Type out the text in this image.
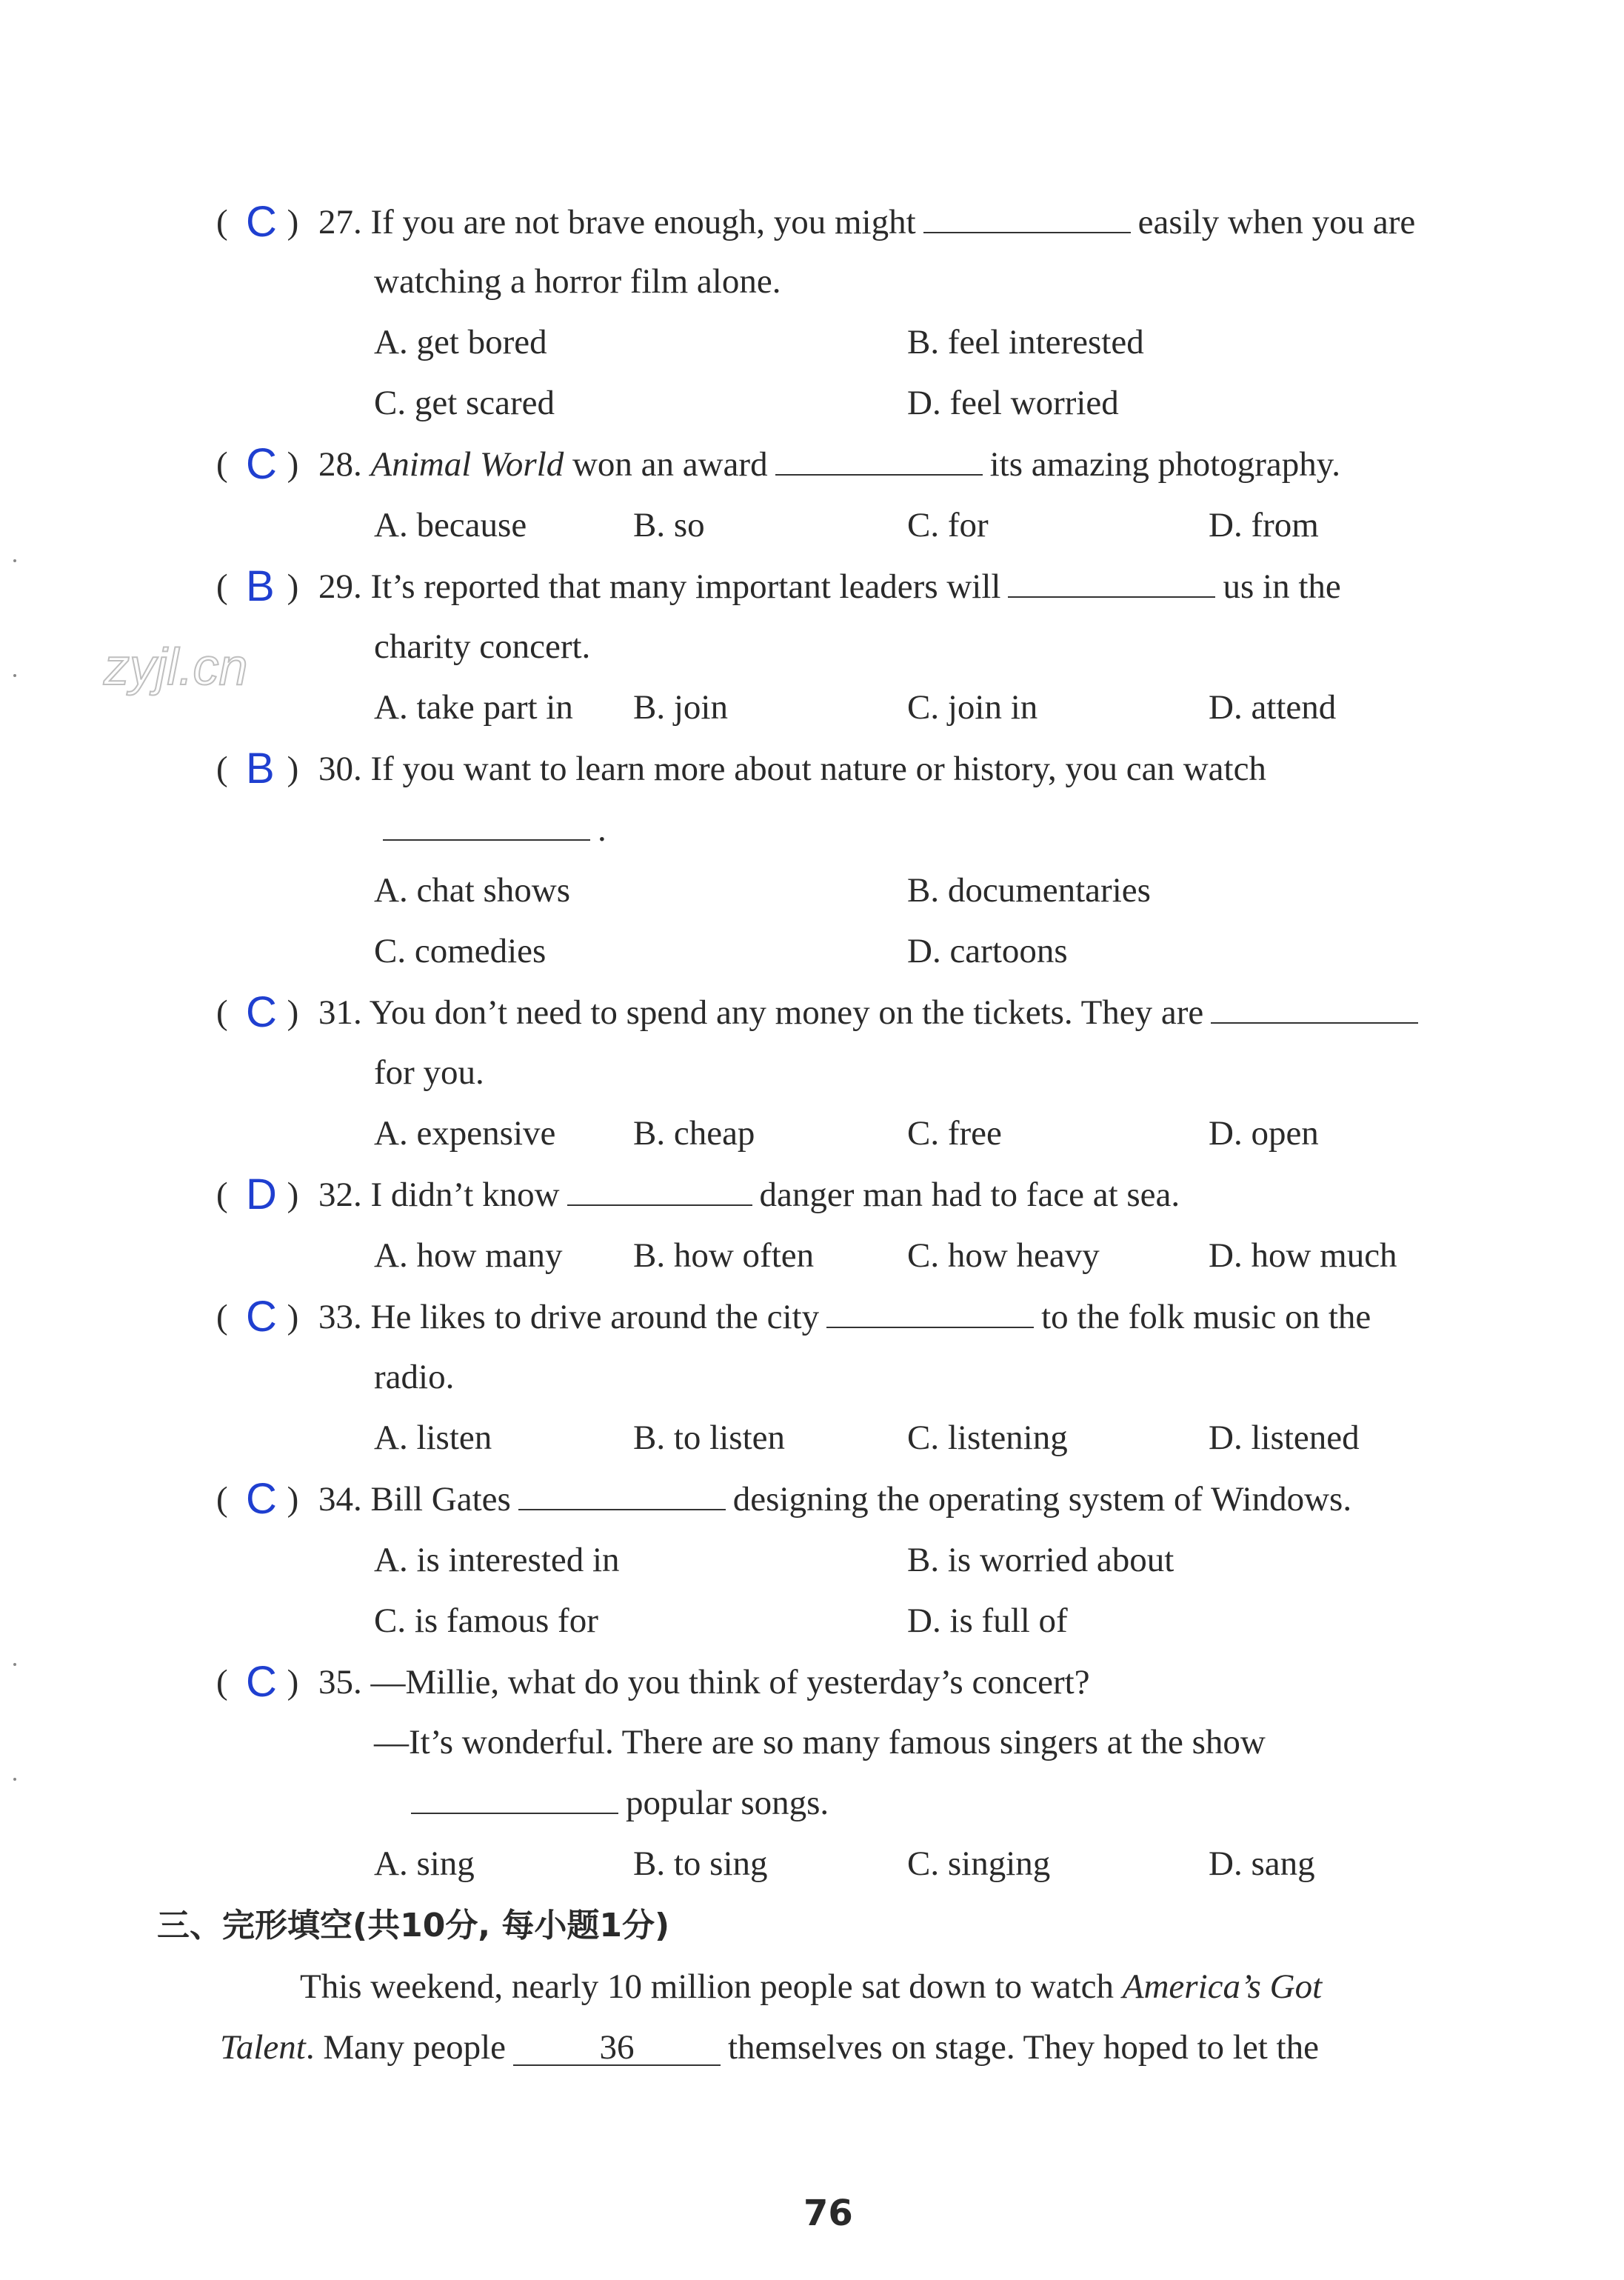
zyjl.cn
( )
C 27. If you are not brave enough, you might	easily when you are
watching a horror film alone.
A. get bored	B. feel interested
C. get scared	D. feel worried
( )
C 28. Animal World won an award	its amazing photography.
A. because	B. so	C. for	D. from
( )
B 29. It’s reported that many important leaders will	us in the
charity concert.
A. take part in B. join	C. join in	D. attend
( )
B 30. If you want to learn more about nature or history, you can watch
.
A. chat shows	B. documentaries
C. comedies	D. cartoons
( )
C 31. You don’t need to spend any money on the tickets. They are
for you.
A. expensive B. cheap	C. free	D. open
( )
D 32. I didn’t know	danger man had to face at sea.
A. how many B. how often	C. how heavy	D. how much
( )
C 33. He likes to drive around the city	to the folk music on the
radio.
A. listen	B. to listen	C. listening	D. listened
( )
C 34. Bill Gates	designing the operating system of Windows.
A. is interested in	B. is worried about
C. is famous for	D. is full of
( )
C 35. —Millie, what do you think of yesterday’s concert?
—It’s wonderful. There are so many famous singers at the show
popular songs.
A. sing	B. to sing	C. singing	D. sang
三、完形填空(共10分, 每小题1分)
This weekend, nearly 10 million people sat down to watch America’s Got
Talent. Many people	36	themselves on stage. They hoped to let the
76
